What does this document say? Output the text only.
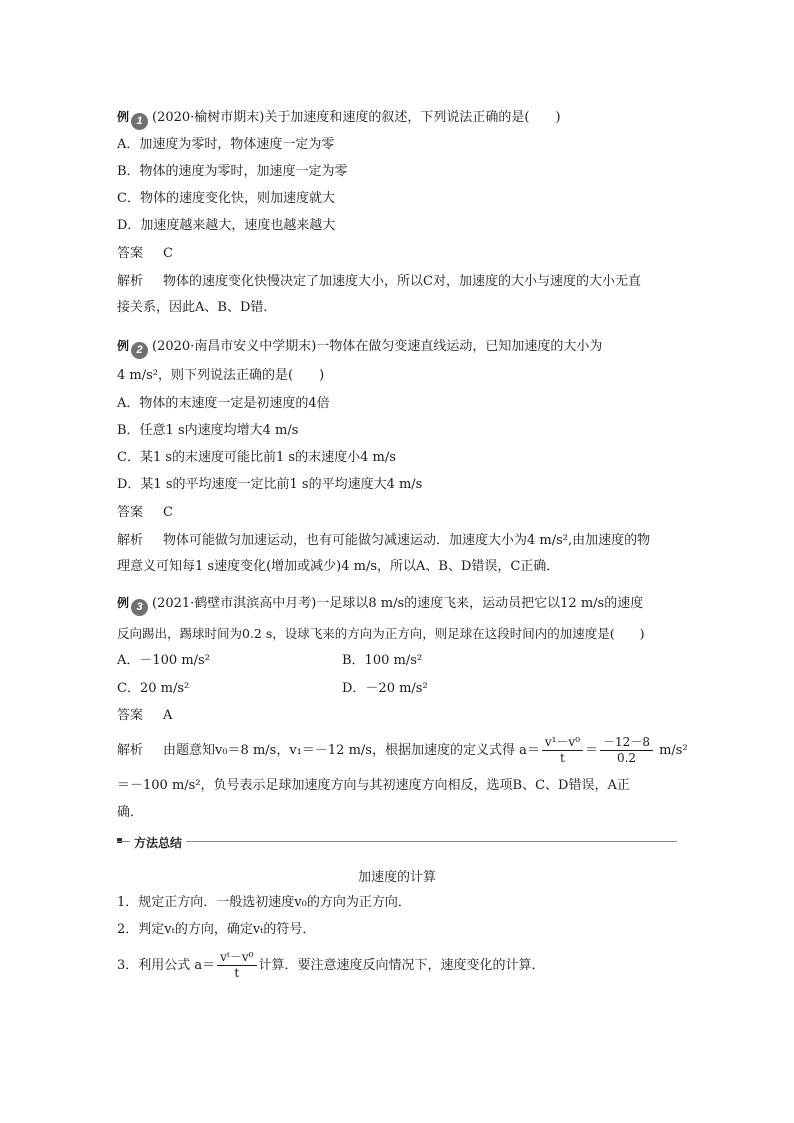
例 1 (2020·榆树市期末)关于加速度和速度的叙述，下列说法正确的是(　　)
A．加速度为零时，物体速度一定为零
B．物体的速度为零时，加速度一定为零
C．物体的速度变化快，则加速度就大
D．加速度越来越大，速度也越来越大
答案 C
解析 物体的速度变化快慢决定了加速度大小，所以C对，加速度的大小与速度的大小无直
接关系，因此A、B、D错．
例 2 (2020·南昌市安义中学期末)一物体在做匀变速直线运动，已知加速度的大小为
4 m/s²，则下列说法正确的是(　　)
A．物体的末速度一定是初速度的4倍
B．任意1 s内速度均增大4 m/s
C．某1 s的末速度可能比前1 s的末速度小4 m/s
D．某1 s的平均速度一定比前1 s的平均速度大4 m/s
答案 C
解析 物体可能做匀加速运动，也有可能做匀减速运动．加速度大小为4 m/s²,由加速度的物
理意义可知每1 s速度变化(增加或减少)4 m/s，所以A、B、D错误，C正确．
例 3 (2021·鹤壁市淇滨高中月考)一足球以8 m/s的速度飞来，运动员把它以12 m/s的速度
反向踢出，踢球时间为0.2 s，设球飞来的方向为正方向，则足球在这段时间内的加速度是(　　)
A．－100 m/s²	B．100 m/s²
C．20 m/s²	D．－20 m/s²
答案 A
解析 由题意知v₀＝8 m/s，v₁＝－12 m/s，根据加速度的定义式得 $a= \frac{\text{v¹－v⁰}}{t} = \frac{-12-8}{0.2} m/s^2$
＝－100 m/s²，负号表示足球加速度方向与其初速度方向相反，选项B、C、D错误，A正
确．
方法总结
加速度的计算
1．规定正方向．一般选初速度v₀的方向为正方向．
2．判定vₜ的方向，确定vₜ的符号．
3．利用公式 $a= \frac{\text{vᵗ－v⁰}}{t}$ 计算．要注意速度反向情况下，速度变化的计算．
